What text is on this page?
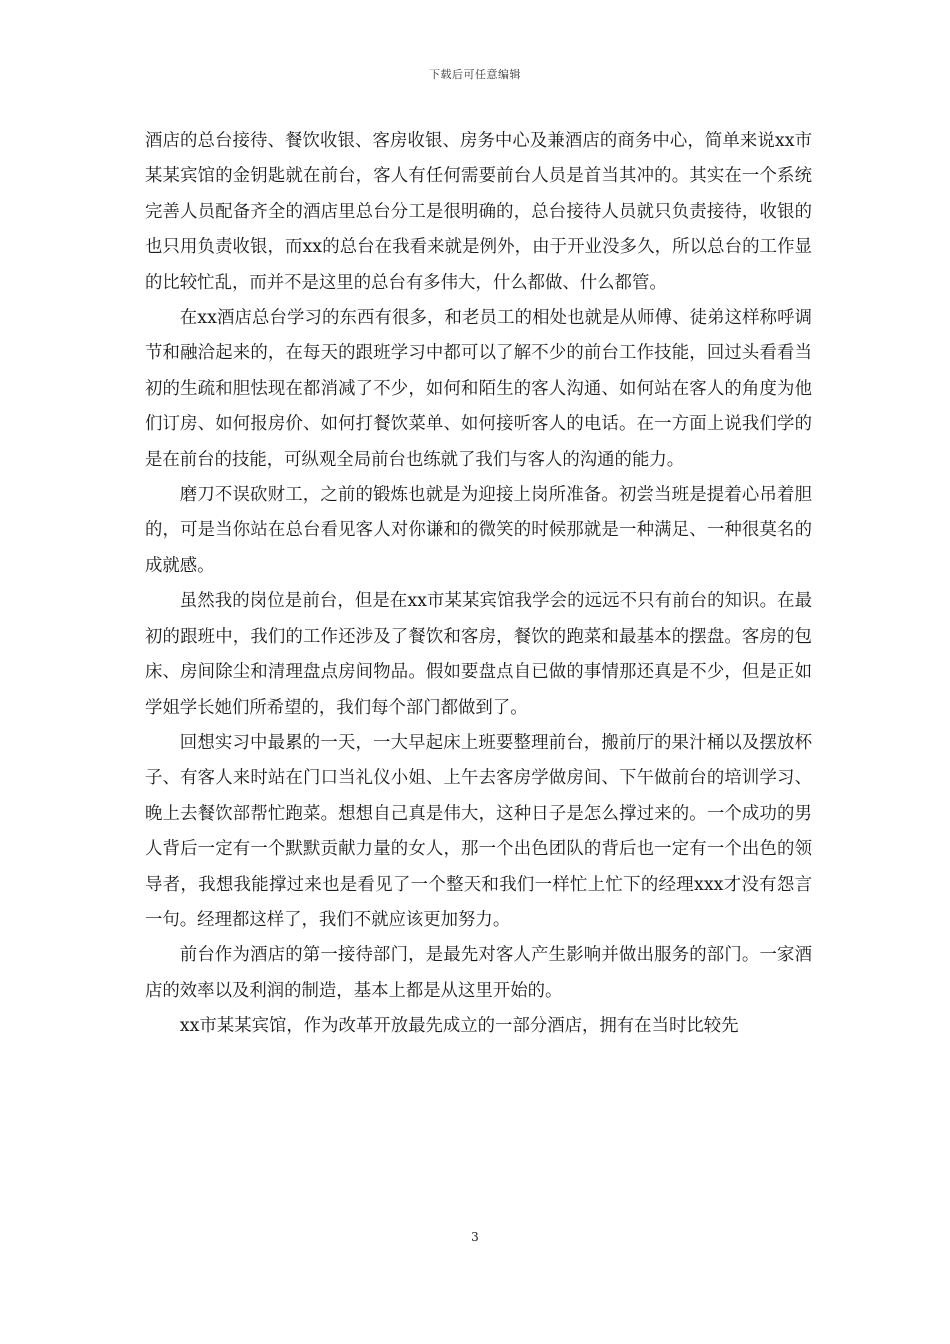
下载后可任意编辑

酒店的总台接待、餐饮收银、客房收银、房务中心及兼酒店的商务中心，简单来说xx市某某宾馆的金钥匙就在前台，客人有任何需要前台人员是首当其冲的。其实在一个系统完善人员配备齐全的酒店里总台分工是很明确的，总台接待人员就只负责接待，收银的也只用负责收银，而xx的总台在我看来就是例外，由于开业没多久，所以总台的工作显的比较忙乱，而并不是这里的总台有多伟大，什么都做、什么都管。

在xx酒店总台学习的东西有很多，和老员工的相处也就是从师傅、徒弟这样称呼调节和融洽起来的，在每天的跟班学习中都可以了解不少的前台工作技能，回过头看看当初的生疏和胆怯现在都消减了不少，如何和陌生的客人沟通、如何站在客人的角度为他们订房、如何报房价、如何打餐饮菜单、如何接听客人的电话。在一方面上说我们学的是在前台的技能，可纵观全局前台也练就了我们与客人的沟通的能力。

磨刀不误砍财工，之前的锻炼也就是为迎接上岗所准备。初尝当班是提着心吊着胆的，可是当你站在总台看见客人对你谦和的微笑的时候那就是一种满足、一种很莫名的成就感。

虽然我的岗位是前台，但是在xx市某某宾馆我学会的远远不只有前台的知识。在最初的跟班中，我们的工作还涉及了餐饮和客房，餐饮的跑菜和最基本的摆盘。客房的包床、房间除尘和清理盘点房间物品。假如要盘点自已做的事情那还真是不少，但是正如学姐学长她们所希望的，我们每个部门都做到了。

回想实习中最累的一天，一大早起床上班要整理前台，搬前厅的果汁桶以及摆放杯子、有客人来时站在门口当礼仪小姐、上午去客房学做房间、下午做前台的培训学习、晚上去餐饮部帮忙跑菜。想想自己真是伟大，这种日子是怎么撑过来的。一个成功的男人背后一定有一个默默贡献力量的女人，那一个出色团队的背后也一定有一个出色的领导者，我想我能撑过来也是看见了一个整天和我们一样忙上忙下的经理xxx才没有怨言一句。经理都这样了，我们不就应该更加努力。

前台作为酒店的第一接待部门，是最先对客人产生影响并做出服务的部门。一家酒店的效率以及利润的制造，基本上都是从这里开始的。

xx市某某宾馆，作为改革开放最先成立的一部分酒店，拥有在当时比较先

3
